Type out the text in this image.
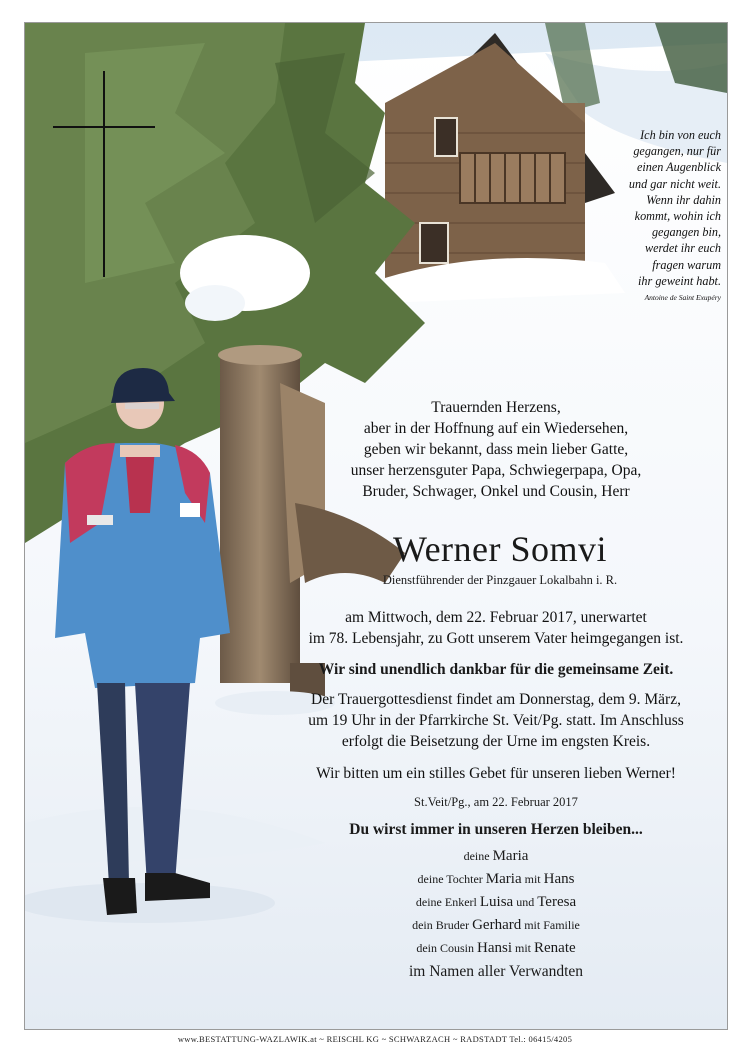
Ich bin von euch
gegangen, nur für
einen Augenblick
und gar nicht weit.
Wenn ihr dahin
kommt, wohin ich
gegangen bin,
werdet ihr euch
fragen warum
ihr geweint habt.
Antoine de Saint Exupéry
Trauernden Herzens,
aber in der Hoffnung auf ein Wiedersehen,
geben wir bekannt, dass mein lieber Gatte,
unser herzensguter Papa, Schwiegerpapa, Opa,
Bruder, Schwager, Onkel und Cousin, Herr
Werner Somvi
Dienstführender der Pinzgauer Lokalbahn i. R.
am Mittwoch, dem 22. Februar 2017, unerwartet
im 78. Lebensjahr, zu Gott unserem Vater heimgegangen ist.
Wir sind unendlich dankbar für die gemeinsame Zeit.
Der Trauergottesdienst findet am Donnerstag, dem 9. März,
um 19 Uhr in der Pfarrkirche St. Veit/Pg. statt. Im Anschluss
erfolgt die Beisetzung der Urne im engsten Kreis.
Wir bitten um ein stilles Gebet für unseren lieben Werner!
St.Veit/Pg., am 22. Februar 2017
Du wirst immer in unseren Herzen bleiben...
deine Maria
deine Tochter Maria mit Hans
deine Enkerl Luisa und Teresa
dein Bruder Gerhard mit Familie
dein Cousin Hansi mit Renate
im Namen aller Verwandten
www.BESTATTUNG-WAZLAWIK.at ~ REISCHL KG ~ SCHWARZACH ~ RADSTADT Tel.: 06415/4205
